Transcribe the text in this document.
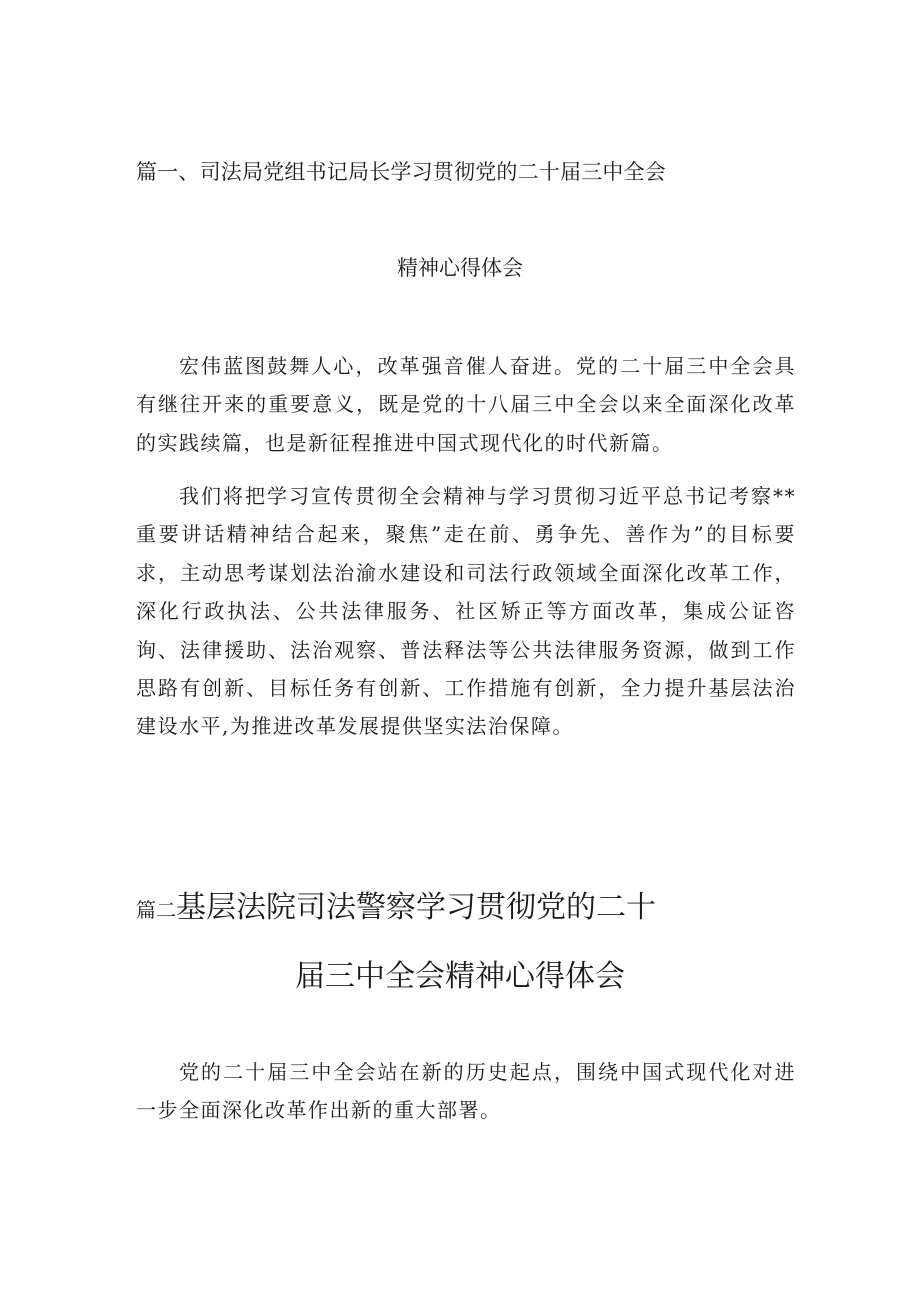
篇一、司法局党组书记局长学习贯彻党的二十届三中全会
精神心得体会

宏伟蓝图鼓舞人心，改革强音催人奋进。党的二十届三中全会具有继往开来的重要意义，既是党的十八届三中全会以来全面深化改革的实践续篇，也是新征程推进中国式现代化的时代新篇。

我们将把学习宣传贯彻全会精神与学习贯彻习近平总书记考察**重要讲话精神结合起来，聚焦”走在前、勇争先、善作为”的目标要求，主动思考谋划法治渝水建设和司法行政领域全面深化改革工作，深化行政执法、公共法律服务、社区矫正等方面改革，集成公证咨询、法律援助、法治观察、普法释法等公共法律服务资源，做到工作思路有创新、目标任务有创新、工作措施有创新，全力提升基层法治建设水平,为推进改革发展提供坚实法治保障。

篇二基层法院司法警察学习贯彻党的二十
届三中全会精神心得体会

党的二十届三中全会站在新的历史起点，围绕中国式现代化对进一步全面深化改革作出新的重大部署。
